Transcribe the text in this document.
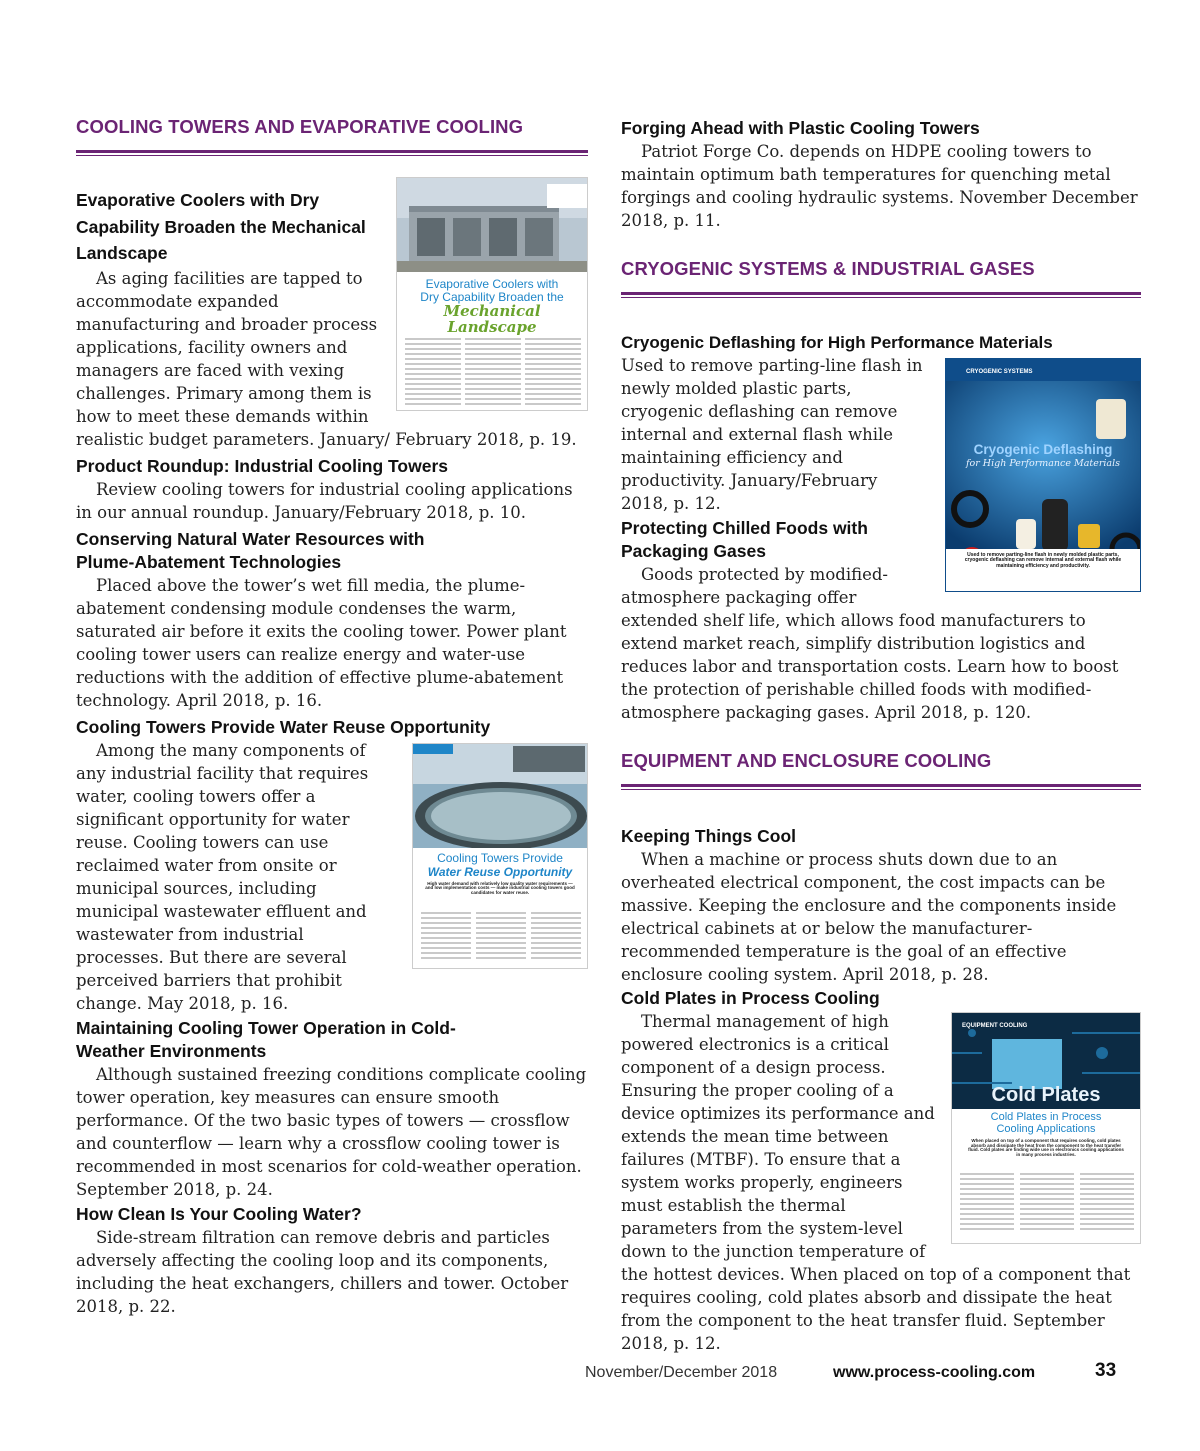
COOLING TOWERS AND EVAPORATIVE COOLING
Evaporative Coolers with
Dry Capability Broaden the
Mechanical Landscape
Evaporative Coolers with Dry Capability Broaden the Mechanical Landscape

As aging facilities are tapped to accommodate expanded manufacturing and broader process applications, facility owners and managers are faced with vexing challenges. Primary among them is how to meet these demands within realistic budget parameters. January/ February 2018, p. 19.

Product Roundup: Industrial Cooling Towers

Review cooling towers for industrial cooling applications in our annual roundup. January/February 2018, p. 10.

Conserving Natural Water Resources with Plume-Abatement Technologies

Placed above the tower’s wet fill media, the plume-abatement condensing module condenses the warm, saturated air before it exits the cooling tower. Power plant cooling tower users can realize energy and water-use reductions with the addition of effective plume-abatement technology. April 2018, p. 16.

Cooling Towers Provide Water Reuse Opportunity
Cooling Towers Provide
Water Reuse Opportunity
High water demand with relatively low quality water requirements — and low implementation costs — make industrial cooling towers good candidates for water reuse.

Among the many components of any industrial facility that requires water, cooling towers offer a significant opportunity for water reuse. Cooling towers can use reclaimed water from onsite or municipal sources, including municipal wastewater effluent and wastewater from industrial processes. But there are several perceived barriers that prohibit change. May 2018, p. 16.

Maintaining Cooling Tower Operation in Cold-Weather Environments

Although sustained freezing conditions complicate cooling tower operation, key measures can ensure smooth performance. Of the two basic types of towers — crossflow and counterflow — learn why a crossflow cooling tower is recommended in most scenarios for cold-weather operation. September 2018, p. 24.

How Clean Is Your Cooling Water?

Side-stream filtration can remove debris and particles adversely affecting the cooling loop and its components, including the heat exchangers, chillers and tower. October 2018, p. 22.

Forging Ahead with Plastic Cooling Towers

Patriot Forge Co. depends on HDPE cooling towers to maintain optimum bath temperatures for quenching metal forgings and cooling hydraulic systems. November December 2018, p. 11.

CRYOGENIC SYSTEMS & INDUSTRIAL GASES
Cryogenic Deflashing for High Performance Materials
CRYOGENIC SYSTEMS
Cryogenic Deflashing
for High Performance Materials
Used to remove parting-line flash in newly molded plastic parts, cryogenic deflashing can remove internal and external flash while maintaining efficiency and productivity.

Used to remove parting-line flash in newly molded plastic parts, cryogenic deflashing can remove internal and external flash while maintaining efficiency and productivity. January/February 2018, p. 12.

Protecting Chilled Foods with Packaging Gases

Goods protected by modified-atmosphere packaging offer extended shelf life, which allows food manufacturers to extend market reach, simplify distribution logistics and reduces labor and transportation costs. Learn how to boost the protection of perishable chilled foods with modified-atmosphere packaging gases. April 2018, p. 120.

EQUIPMENT AND ENCLOSURE COOLING
Keeping Things Cool

When a machine or process shuts down due to an overheated electrical component, the cost impacts can be massive. Keeping the enclosure and the components inside electrical cabinets at or below the manufacturer-recommended temperature is the goal of an effective enclosure cooling system. April 2018, p. 28.

Cold Plates in Process Cooling
EQUIPMENT COOLING
Cold Plates
Cold Plates in Process
Cooling Applications
When placed on top of a component that requires cooling, cold plates absorb and dissipate the heat from the component to the heat transfer fluid. Cold plates are finding wide use in electronics cooling applications in many process industries.

Thermal management of high powered electronics is a critical component of a design process. Ensuring the proper cooling of a device optimizes its performance and extends the mean time between failures (MTBF). To ensure that a system works properly, engineers must establish the thermal parameters from the system-level down to the junction temperature of the hottest devices. When placed on top of a component that requires cooling, cold plates absorb and dissipate the heat from the component to the heat transfer fluid. September 2018, p. 12.

November/December 2018	www.process-cooling.com	33
